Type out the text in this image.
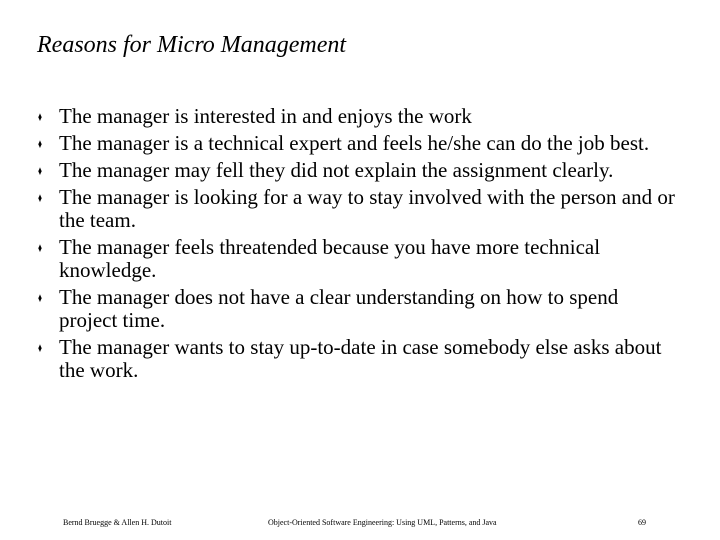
Reasons for Micro Management
♦ The manager is interested in and enjoys the work
♦ The manager is a technical expert and feels he/she can do the job best.
♦ The manager may fell they did not explain the assignment clearly.
♦ The manager is looking for a way to stay involved with the person and or the team.
♦ The manager feels threatended because you have more technical knowledge.
♦ The manager does not have a clear understanding on how to spend project time.
♦ The manager wants to stay up-to-date in case somebody else asks about the work.
Bernd Bruegge & Allen H. Dutoit	Object-Oriented Software Engineering: Using UML, Patterns, and Java	69
